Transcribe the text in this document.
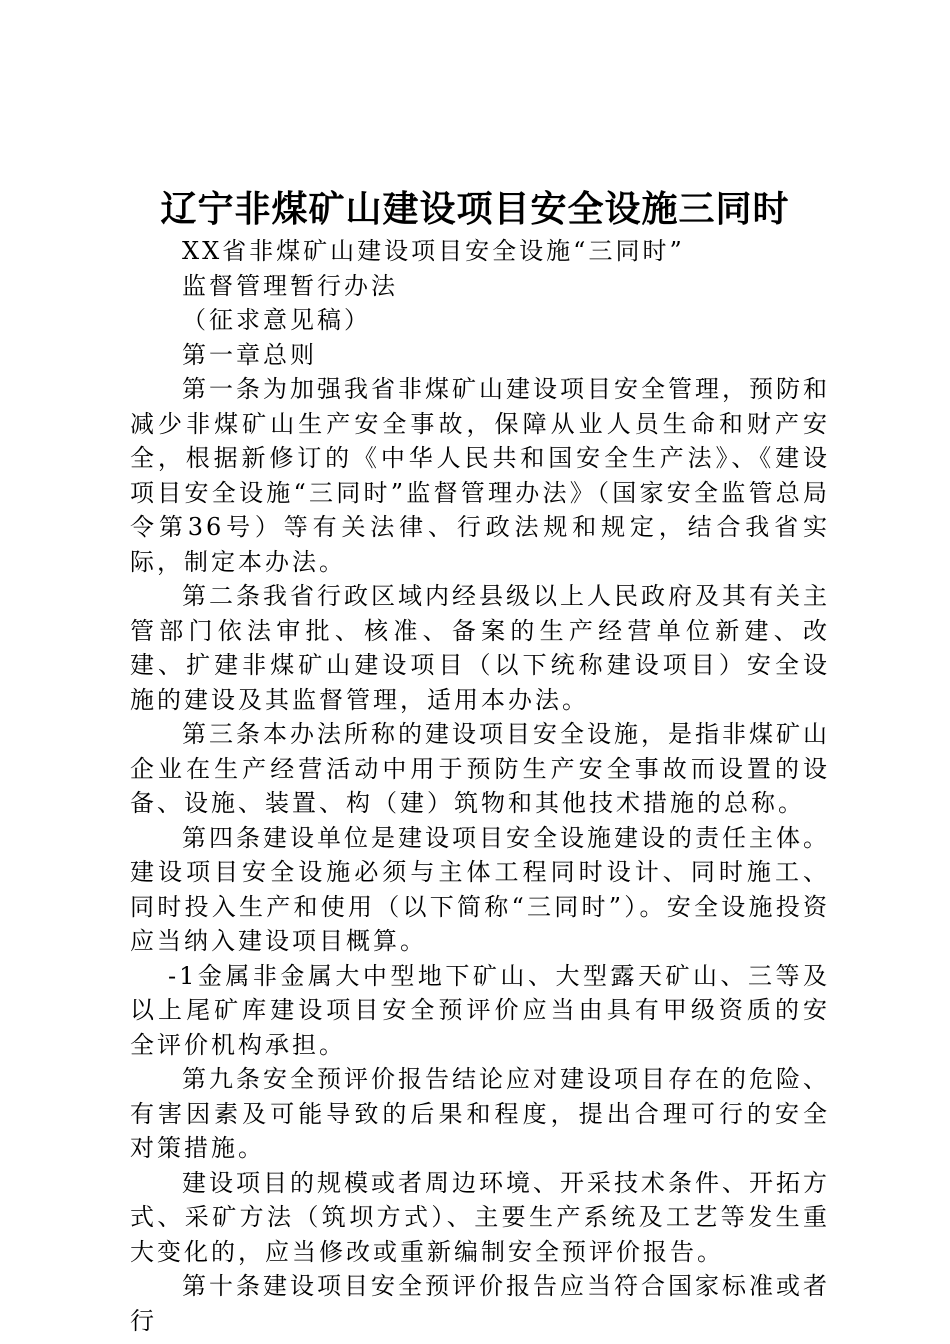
辽宁非煤矿山建设项目安全设施三同时

XX省非煤矿山建设项目安全设施“三同时”

监督管理暂行办法

（征求意见稿）

第一章总则

第一条为加强我省非煤矿山建设项目安全管理，预防和减少非煤矿山生产安全事故，保障从业人员生命和财产安全，根据新修订的《中华人民共和国安全生产法》、《建设项目安全设施“三同时”监督管理办法》（国家安全监管总局令第36号）等有关法律、行政法规和规定，结合我省实际，制定本办法。

第二条我省行政区域内经县级以上人民政府及其有关主管部门依法审批、核准、备案的生产经营单位新建、改建、扩建非煤矿山建设项目（以下统称建设项目）安全设施的建设及其监督管理，适用本办法。

第三条本办法所称的建设项目安全设施，是指非煤矿山企业在生产经营活动中用于预防生产安全事故而设置的设备、设施、装置、构（建）筑物和其他技术措施的总称。

第四条建设单位是建设项目安全设施建设的责任主体。建设项目安全设施必须与主体工程同时设计、同时施工、同时投入生产和使用（以下简称“三同时”）。安全设施投资应当纳入建设项目概算。

-1金属非金属大中型地下矿山、大型露天矿山、三等及以上尾矿库建设项目安全预评价应当由具有甲级资质的安全评价机构承担。

第九条安全预评价报告结论应对建设项目存在的危险、有害因素及可能导致的后果和程度，提出合理可行的安全对策措施。

建设项目的规模或者周边环境、开采技术条件、开拓方式、采矿方法（筑坝方式）、主要生产系统及工艺等发生重大变化的，应当修改或重新编制安全预评价报告。

第十条建设项目安全预评价报告应当符合国家标准或者行
